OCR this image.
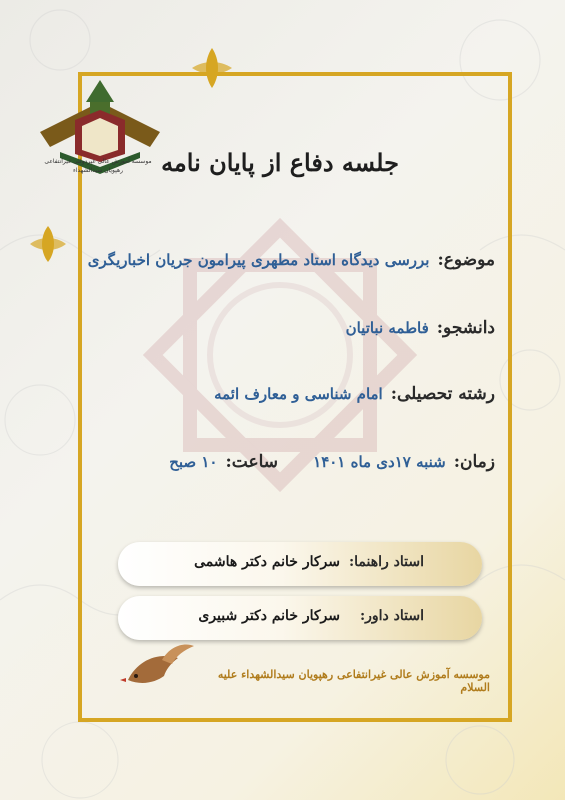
موسسه آموزش عالی غیردولتی غیرانتفاعی
رهپویان سیدالشهداء	جلسه دفاع از پایان نامه
موضوع:بررسی دیدگاه استاد مطهری پیرامون جریان اخباریگری
دانشجو:فاطمه نباتیان
رشته تحصیلی:امام شناسی و معارف ائمه
زمان:شنبه ۱۷دی ماه ۱۴۰۱ ساعت:۱۰ صبح
استاد راهنما:
سرکار خانم دکتر هاشمی
استاد داور:
سرکار خانم دکتر شبیری
موسسه آموزش عالی غیرانتفاعی رهپویان سیدالشهداء علیه السلام
